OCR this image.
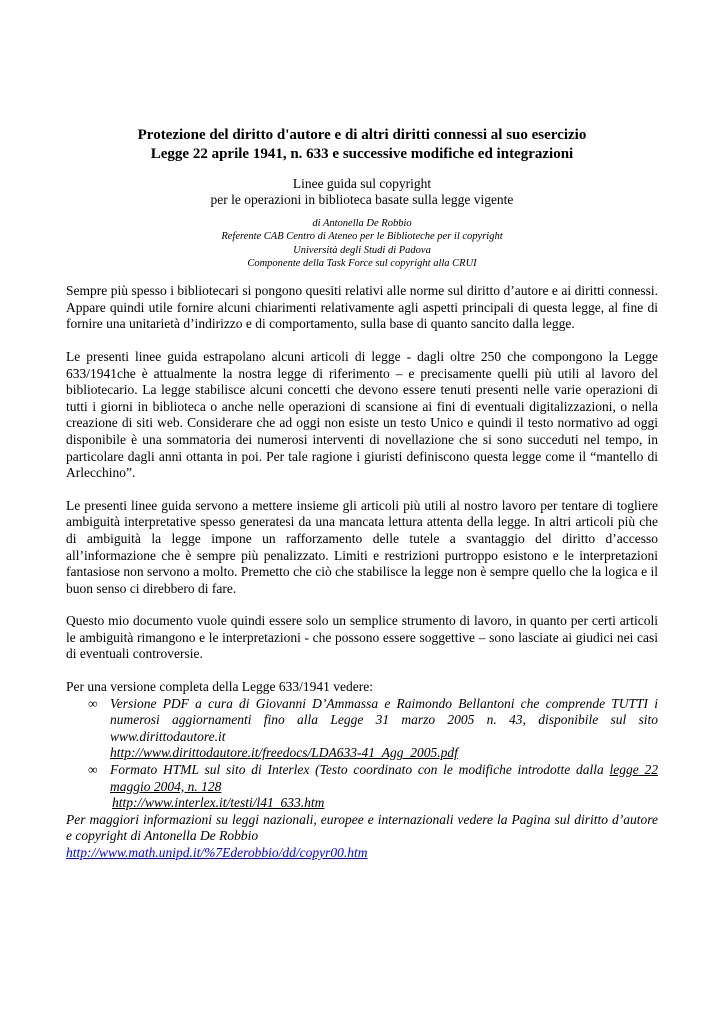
Protezione del diritto d'autore e di altri diritti connessi al suo esercizio
Legge 22 aprile 1941, n. 633 e successive modifiche ed integrazioni
Linee guida sul copyright
per le operazioni in biblioteca basate sulla legge vigente
di Antonella De Robbio
Referente CAB Centro di Ateneo per le Biblioteche per il copyright
Università degli Studi di Padova
Componente della Task Force sul copyright alla CRUI

Sempre più spesso i bibliotecari si pongono quesiti relativi alle norme sul diritto d’autore e ai diritti connessi. Appare quindi utile fornire alcuni chiarimenti relativamente agli aspetti principali di questa legge, al fine di fornire una unitarietà d’indirizzo e di comportamento, sulla base di quanto sancito dalla legge.

Le presenti linee guida estrapolano alcuni articoli di legge - dagli oltre 250 che compongono la Legge 633/1941che è attualmente la nostra legge di riferimento – e precisamente quelli più utili al lavoro del bibliotecario. La legge stabilisce alcuni concetti che devono essere tenuti presenti nelle varie operazioni di tutti i giorni in biblioteca o anche nelle operazioni di scansione ai fini di eventuali digitalizzazioni, o nella creazione di siti web. Considerare che ad oggi non esiste un testo Unico e quindi il testo normativo ad oggi disponibile è una sommatoria dei numerosi interventi di novellazione che si sono succeduti nel tempo, in particolare dagli anni ottanta in poi. Per tale ragione i giuristi definiscono questa legge come il “mantello di Arlecchino”.

Le presenti linee guida servono a mettere insieme gli articoli più utili al nostro lavoro per tentare di togliere ambiguità interpretative spesso generatesi da una mancata lettura attenta della legge. In altri articoli più che di ambiguità la legge impone un rafforzamento delle tutele a svantaggio del diritto d’accesso all’informazione che è sempre più penalizzato. Limiti e restrizioni purtroppo esistono e le interpretazioni fantasiose non servono a molto. Premetto che ciò che stabilisce la legge non è sempre quello che la logica e il buon senso ci direbbero di fare.

Questo mio documento vuole quindi essere solo un semplice strumento di lavoro, in quanto per certi articoli le ambiguità rimangono e le interpretazioni - che possono essere soggettive – sono lasciate ai giudici nei casi di eventuali controversie.

Per una versione completa della Legge 633/1941 vedere:

∞ Versione PDF a cura di Giovanni D’Ammassa e Raimondo Bellantoni che comprende TUTTI i numerosi aggiornamenti fino alla Legge 31 marzo 2005 n. 43, disponibile sul sito www.dirittodautore.it
http://www.dirittodautore.it/freedocs/LDA633-41_Agg_2005.pdf
∞ Formato HTML sul sito di Interlex (Testo coordinato con le modifiche introdotte dalla legge 22 maggio 2004, n. 128
http://www.interlex.it/testi/l41_633.htm

Per maggiori informazioni su leggi nazionali, europee e internazionali vedere la Pagina sul diritto d’autore e copyright di Antonella De Robbio
http://www.math.unipd.it/%7Ederobbio/dd/copyr00.htm
